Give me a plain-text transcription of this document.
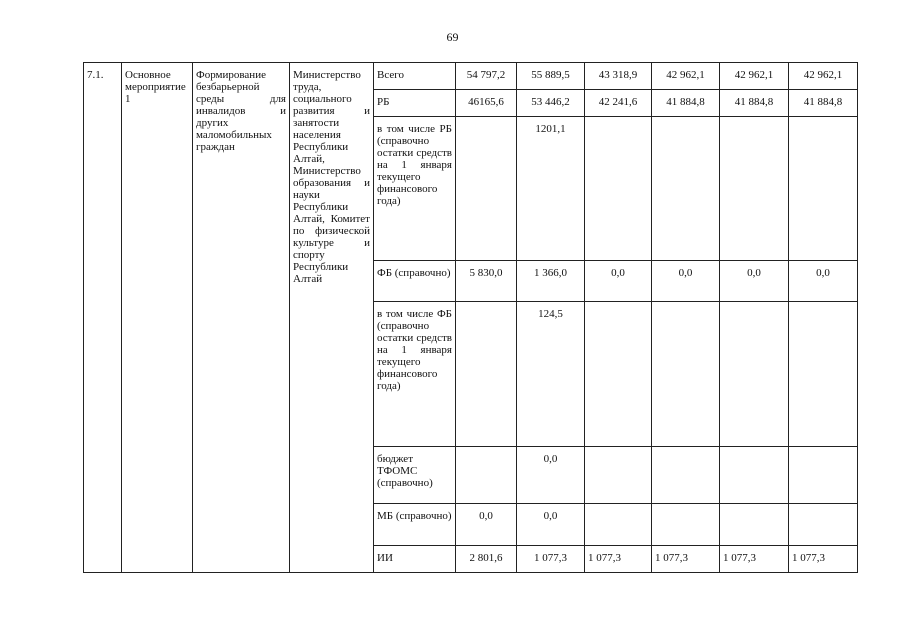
69
7.1.	Основное мероприятие 1	Формирование безбарьерной среды для инвалидов и других маломобильных граждан	Министерство труда, социального развития и занятости населения Республики Алтай, Министерство образования и науки Республики Алтай, Комитет по физической культуре и спорту Республики Алтай	Всего	54 797,2	55 889,5	43 318,9	42 962,1	42 962,1	42 962,1
				РБ	46165,6	53 446,2	42 241,6	41 884,8	41 884,8	41 884,8
				в том числе РБ (справочно остатки средств на 1 января текущего финансового года)		1201,1				
				ФБ (справочно)	5 830,0	1 366,0	0,0	0,0	0,0	0,0
				в том числе ФБ (справочно остатки средств на 1 января текущего финансового года)		124,5				
				бюджет ТФОМС (справочно)		0,0				
				МБ (справочно)	0,0	0,0				
				ИИ	2 801,6	1 077,3	1 077,3	1 077,3	1 077,3	1 077,3
